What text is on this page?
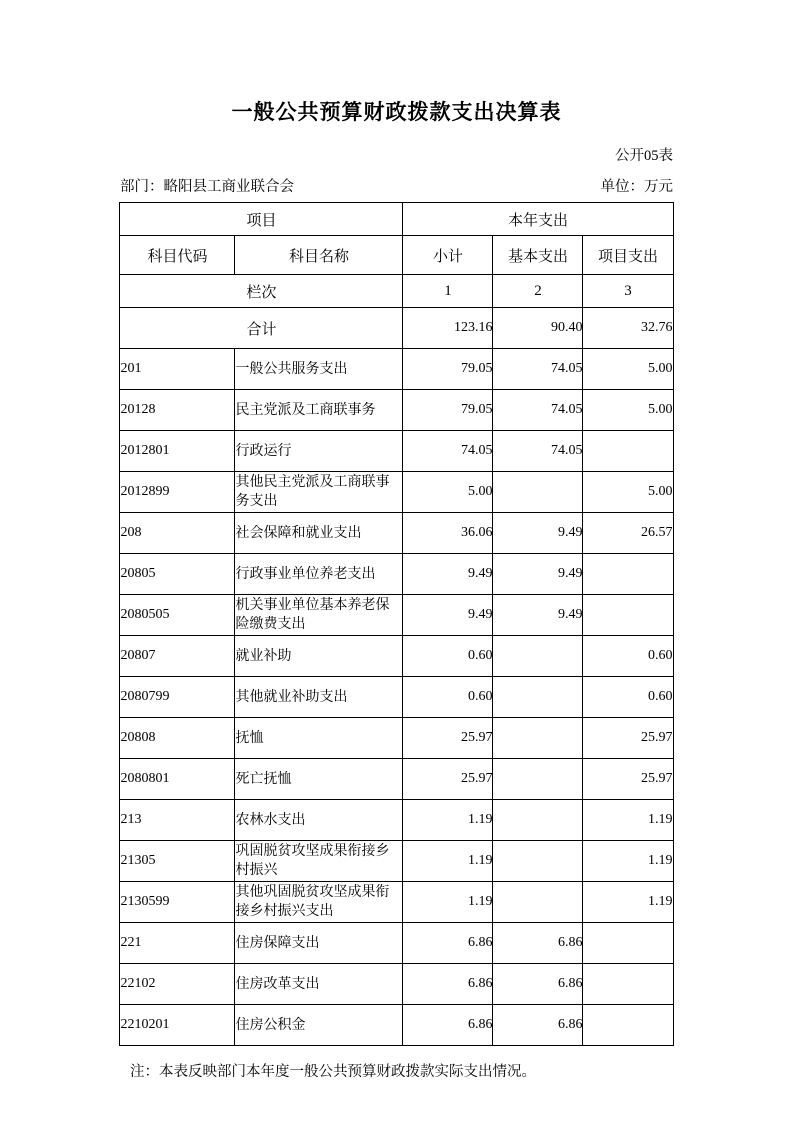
一般公共预算财政拨款支出决算表
公开05表
部门：略阳县工商业联合会	单位：万元
项目		本年支出		
科目代码	科目名称	小计	基本支出	项目支出
栏次		1	2	3
合计		123.16	90.40	32.76
201	一般公共服务支出	79.05	74.05	5.00
20128	民主党派及工商联事务	79.05	74.05	5.00
2012801	行政运行	74.05	74.05	
2012899	其他民主党派及工商联事务支出	5.00		5.00
208	社会保障和就业支出	36.06	9.49	26.57
20805	行政事业单位养老支出	9.49	9.49	
2080505	机关事业单位基本养老保险缴费支出	9.49	9.49	
20807	就业补助	0.60		0.60
2080799	其他就业补助支出	0.60		0.60
20808	抚恤	25.97		25.97
2080801	死亡抚恤	25.97		25.97
213	农林水支出	1.19		1.19
21305	巩固脱贫攻坚成果衔接乡村振兴	1.19		1.19
2130599	其他巩固脱贫攻坚成果衔接乡村振兴支出	1.19		1.19
221	住房保障支出	6.86	6.86	
22102	住房改革支出	6.86	6.86	
2210201	住房公积金	6.86	6.86	
注：本表反映部门本年度一般公共预算财政拨款实际支出情况。
